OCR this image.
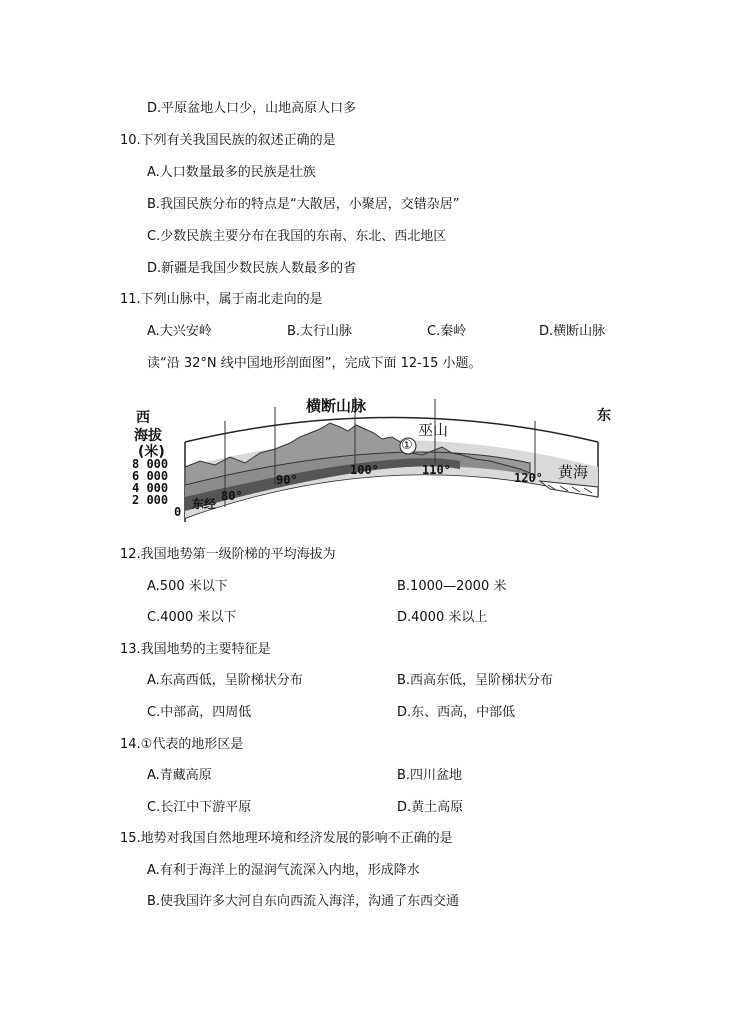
D.平原盆地人口少，山地高原人口多
10.下列有关我国民族的叙述正确的是
A.人口数量最多的民族是壮族
B.我国民族分布的特点是“大散居，小聚居，交错杂居”
C.少数民族主要分布在我国的东南、东北、西北地区
D.新疆是我国少数民族人数最多的省
11.下列山脉中，属于南北走向的是
A.大兴安岭	B.太行山脉	C.秦岭	D.横断山脉
读“沿 32°N 线中国地形剖面图”，完成下面 12-15 小题。
西	东
海拔
(米)
8 000
6 000
4 000
2 000
0
东经
80°
90°
100°	110°
120°
横断山脉
巫山
黄海
①
12.我国地势第一级阶梯的平均海拔为
A.500 米以下	B.1000—2000 米
C.4000 米以下	D.4000 米以上
13.我国地势的主要特征是
A.东高西低，呈阶梯状分布	B.西高东低，呈阶梯状分布
C.中部高，四周低	D.东、西高，中部低
14.①代表的地形区是
A.青藏高原	B.四川盆地
C.长江中下游平原	D.黄土高原
15.地势对我国自然地理环境和经济发展的影响不正确的是
A.有利于海洋上的湿润气流深入内地，形成降水
B.使我国许多大河自东向西流入海洋，沟通了东西交通
